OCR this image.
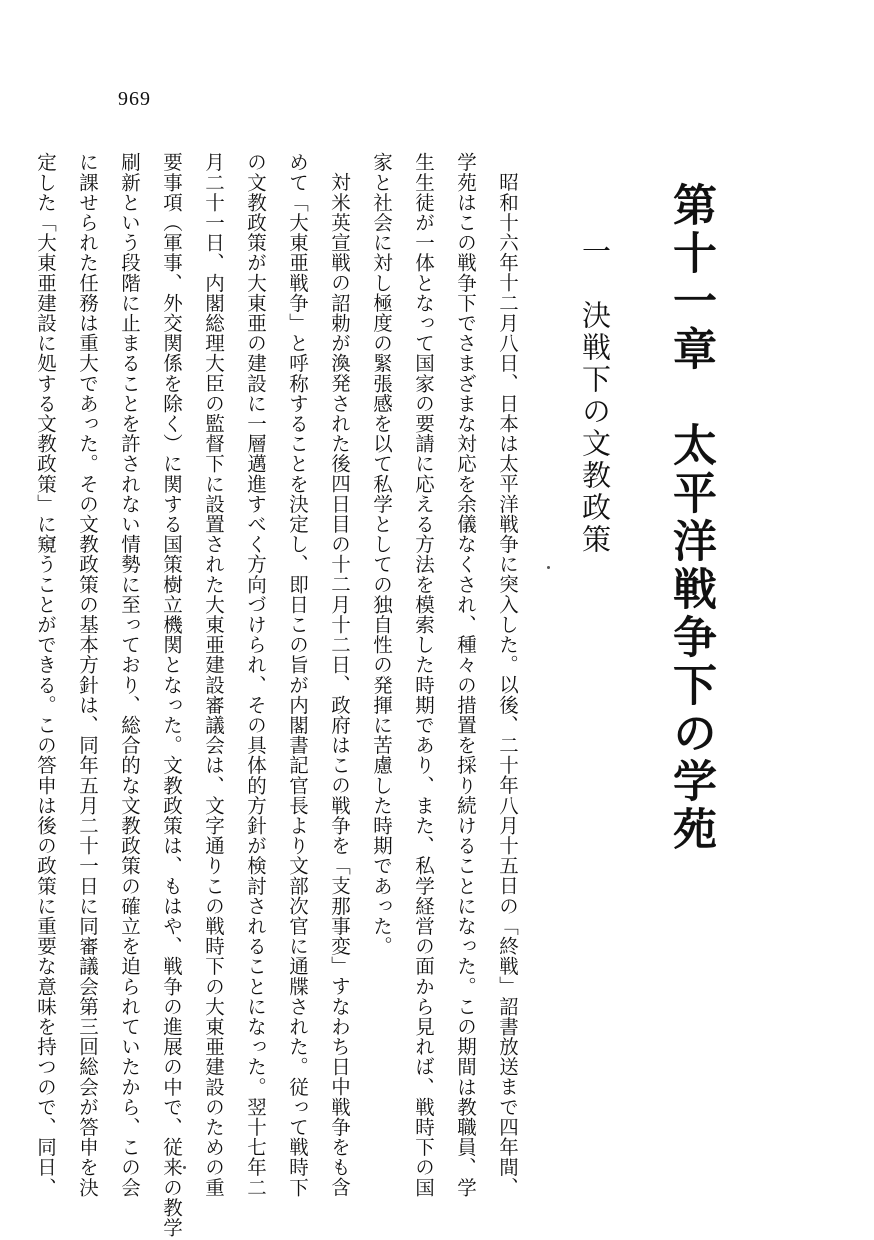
969
第十一章　太平洋戦争下の学苑
一　決戦下の文教政策

昭和十六年十二月八日、日本は太平洋戦争に突入した。以後、二十年八月十五日の「終戦」詔書放送まで四年間、

学苑はこの戦争下でさまざまな対応を余儀なくされ、種々の措置を採り続けることになった。この期間は教職員、学

生生徒が一体となって国家の要請に応える方法を模索した時期であり、また、私学経営の面から見れば、戦時下の国

家と社会に対し極度の緊張感を以て私学としての独自性の発揮に苦慮した時期であった。

対米英宣戦の詔勅が渙発された後四日目の十二月十二日、政府はこの戦争を「支那事変」すなわち日中戦争をも含

めて「大東亜戦争」と呼称することを決定し、即日この旨が内閣書記官長より文部次官に通牒された。従って戦時下

の文教政策が大東亜の建設に一層邁進すべく方向づけられ、その具体的方針が検討されることになった。翌十七年二

月二十一日、内閣総理大臣の監督下に設置された大東亜建設審議会は、文字通りこの戦時下の大東亜建設のための重

要事項（軍事、外交関係を除く）に関する国策樹立機関となった。文教政策は、もはや、戦争の進展の中で、従来の教学

刷新という段階に止まることを許されない情勢に至っており、総合的な文教政策の確立を迫られていたから、この会

に課せられた任務は重大であった。その文教政策の基本方針は、同年五月二十一日に同審議会第三回総会が答申を決

定した「大東亜建設に処する文教政策」に窺うことができる。この答申は後の政策に重要な意味を持つので、同日、
